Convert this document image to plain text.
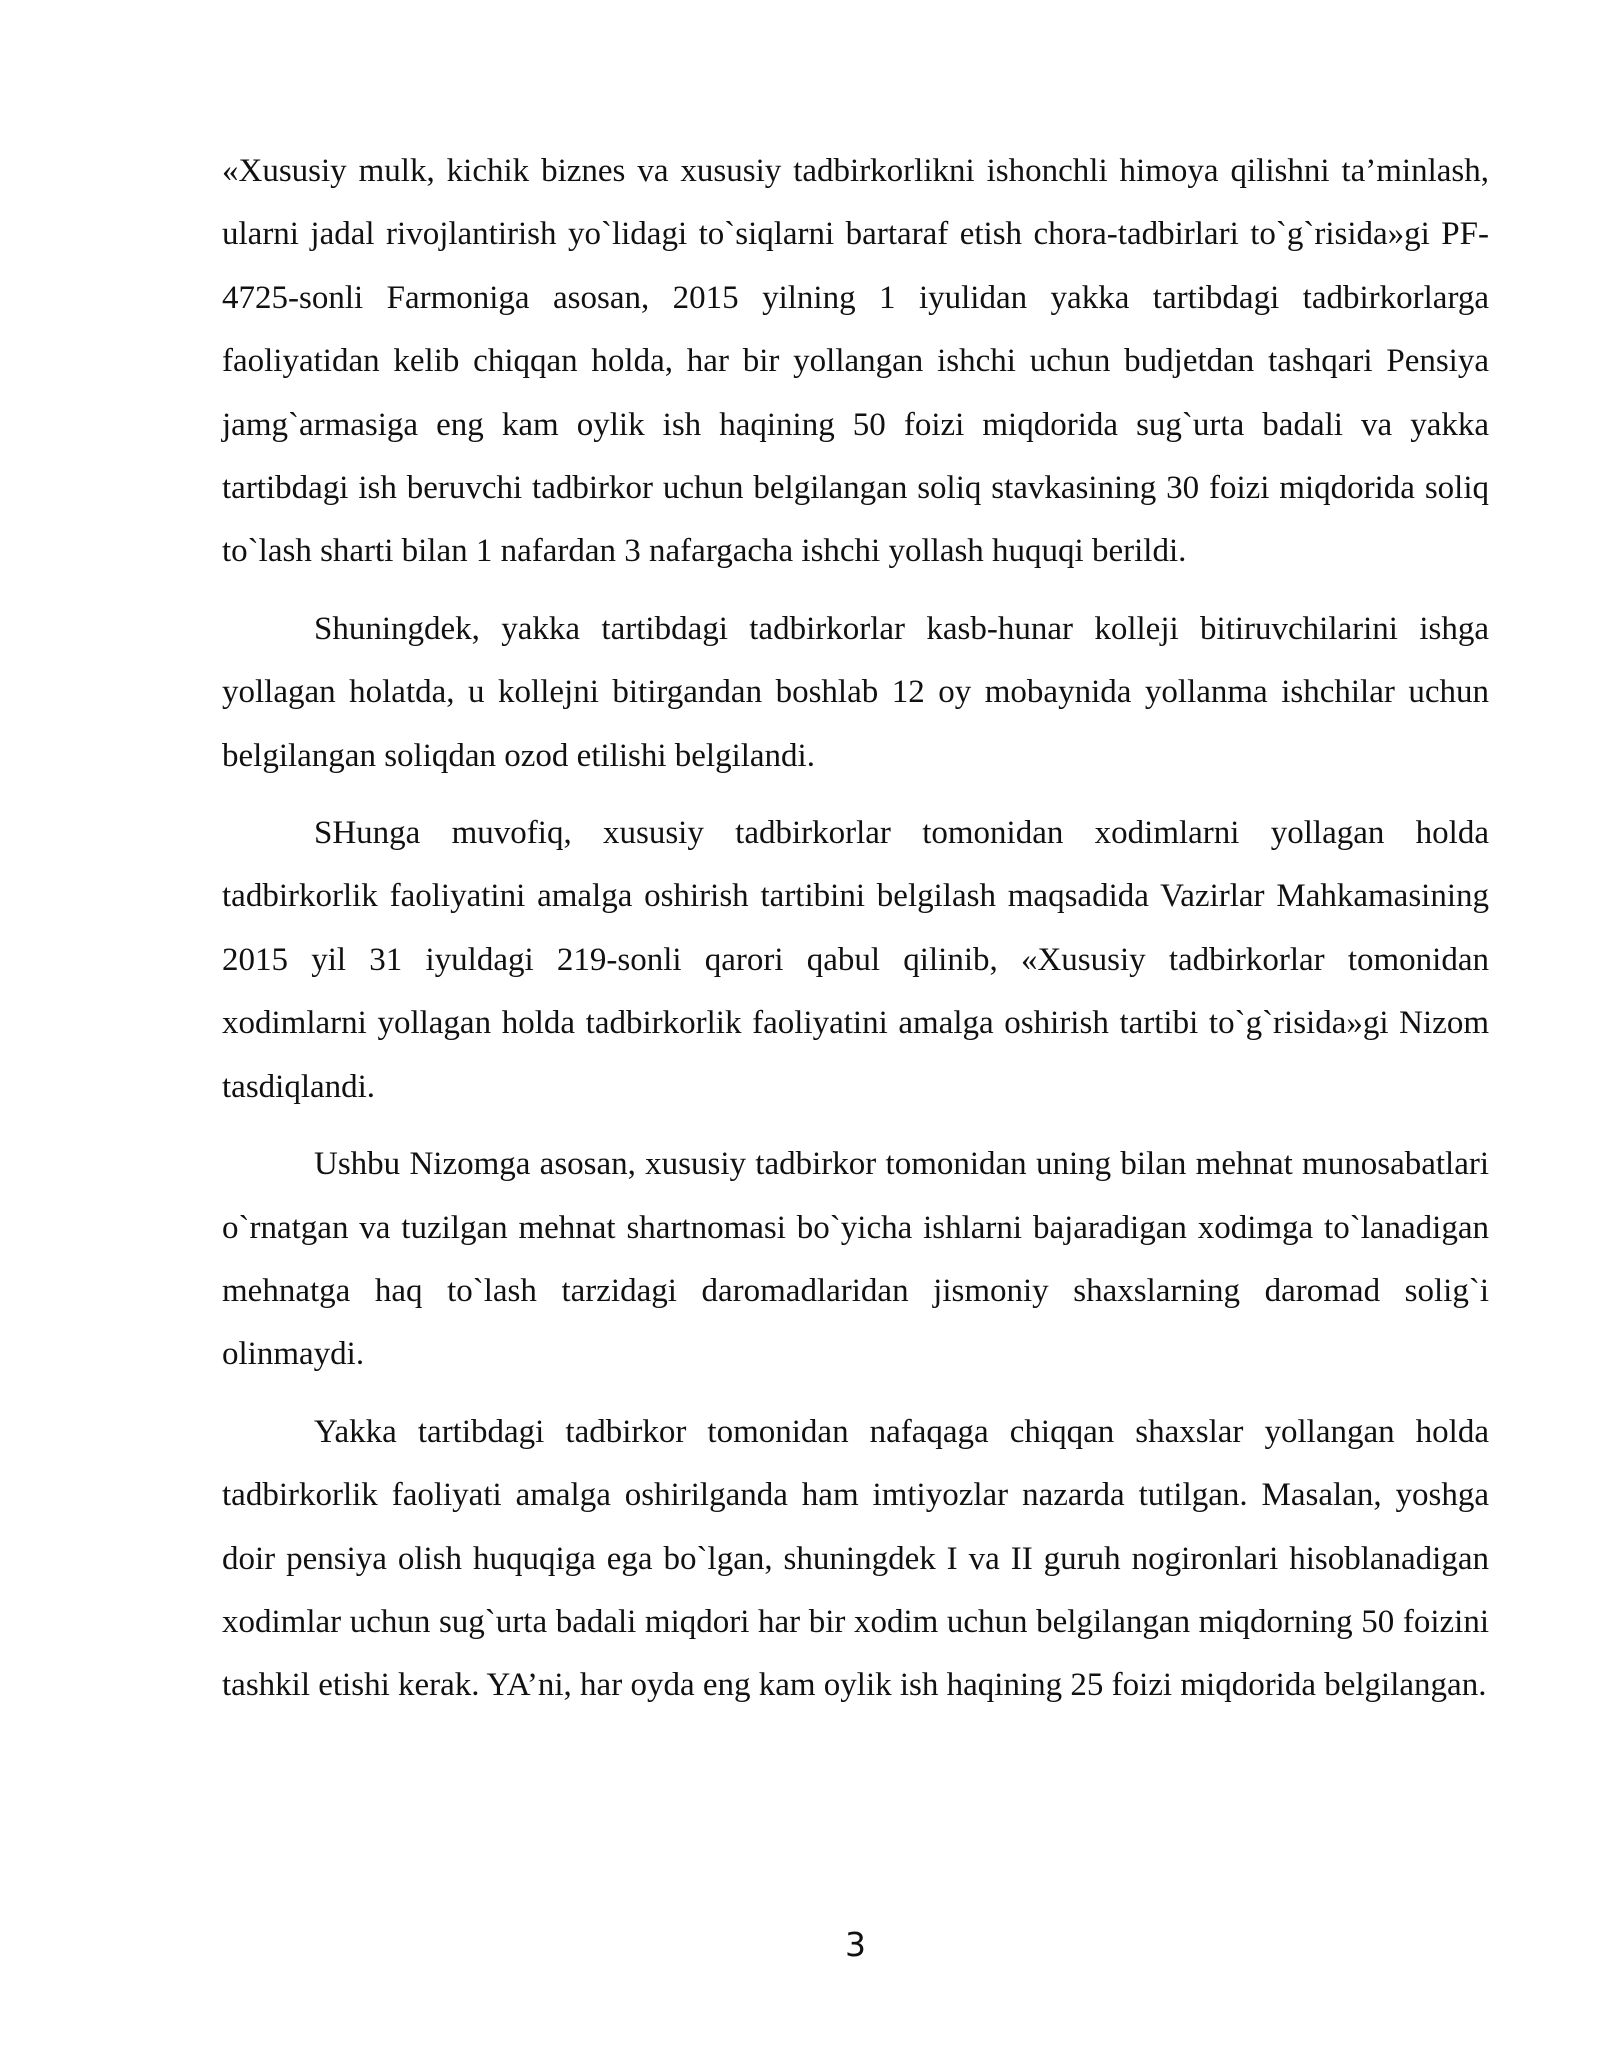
«Xususiy mulk, kichik biznes va xususiy tadbirkorlikni ishonchli himoya qilishni ta’minlash, ularni jadal rivojlantirish yo`lidagi to`siqlarni bartaraf etish chora-tadbirlari to`g`risida»gi PF-4725-sonli Farmoniga asosan, 2015 yilning 1 iyulidan yakka tartibdagi tadbirkorlarga faoliyatidan kelib chiqqan holda, har bir yollangan ishchi uchun budjetdan tashqari Pensiya jamg`armasiga eng kam oylik ish haqining 50 foizi miqdorida sug`urta badali va yakka tartibdagi ish beruvchi tadbirkor uchun belgilangan soliq stavkasining 30 foizi miqdorida soliq to`lash sharti bilan 1 nafardan 3 nafargacha ishchi yollash huquqi berildi.

Shuningdek, yakka tartibdagi tadbirkorlar kasb-hunar kolleji bitiruvchilarini ishga yollagan holatda, u kollejni bitirgandan boshlab 12 oy mobaynida yollanma ishchilar uchun belgilangan soliqdan ozod etilishi belgilandi.

SHunga muvofiq, xususiy tadbirkorlar tomonidan xodimlarni yollagan holda tadbirkorlik faoliyatini amalga oshirish tartibini belgilash maqsadida Vazirlar Mahkamasining 2015 yil 31 iyuldagi 219-sonli qarori qabul qilinib, «Xususiy tadbirkorlar tomonidan xodimlarni yollagan holda tadbirkorlik faoliyatini amalga oshirish tartibi to`g`risida»gi Nizom tasdiqlandi.

Ushbu Nizomga asosan, xususiy tadbirkor tomonidan uning bilan mehnat munosabatlari o`rnatgan va tuzilgan mehnat shartnomasi bo`yicha ishlarni bajaradigan xodimga to`lanadigan mehnatga haq to`lash tarzidagi daromadlaridan jismoniy shaxslarning daromad solig`i olinmaydi.

Yakka tartibdagi tadbirkor tomonidan nafaqaga chiqqan shaxslar yollangan holda tadbirkorlik faoliyati amalga oshirilganda ham imtiyozlar nazarda tutilgan. Masalan, yoshga doir pensiya olish huquqiga ega bo`lgan, shuningdek I va II guruh nogironlari hisoblanadigan xodimlar uchun sug`urta badali miqdori har bir xodim uchun belgilangan miqdorning 50 foizini tashkil etishi kerak. YA’ni, har oyda eng kam oylik ish haqining 25 foizi miqdorida belgilangan.

3
